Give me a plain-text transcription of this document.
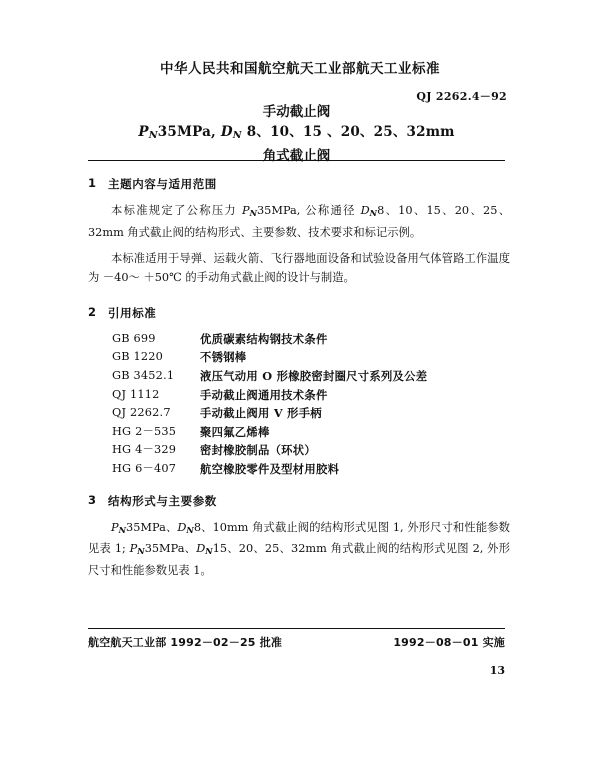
中华人民共和国航空航天工业部航天工业标准
QJ 2262.4－92
手动截止阀
$P_N35MPa$, $D_N$ 8、10、15 、20、25、32mm
角式截止阀
1	主题内容与适用范围

本标准规定了公称压力 $P_N35MPa$, 公称通径 $D_N8$、10、15、20、25、32mm 角式截止阀的结构形式、主要参数、技术要求和标记示例。

本标准适用于导弹、运载火箭、飞行器地面设备和试验设备用气体管路工作温度为 －40～ ＋50℃ 的手动角式截止阀的设计与制造。

2	引用标准
GB 699	优质碳素结构钢技术条件
GB 1220	不锈钢棒
GB 3452.1	液压气动用 O 形橡胶密封圈尺寸系列及公差
QJ 1112	手动截止阀通用技术条件
QJ 2262.7	手动截止阀用 V 形手柄
HG 2－535	聚四氟乙烯棒
HG 4－329	密封橡胶制品（环状）
HG 6－407	航空橡胶零件及型材用胶料
3	结构形式与主要参数

$P_N35MPa$、$D_N8$、10mm 角式截止阀的结构形式见图 1, 外形尺寸和性能参数见表 1; $P_N35MPa$、$D_N15$、20、25、32mm 角式截止阀的结构形式见图 2, 外形尺寸和性能参数见表 1。

航空航天工业部 1992－02－25 批准	1992－08－01 实施
13
